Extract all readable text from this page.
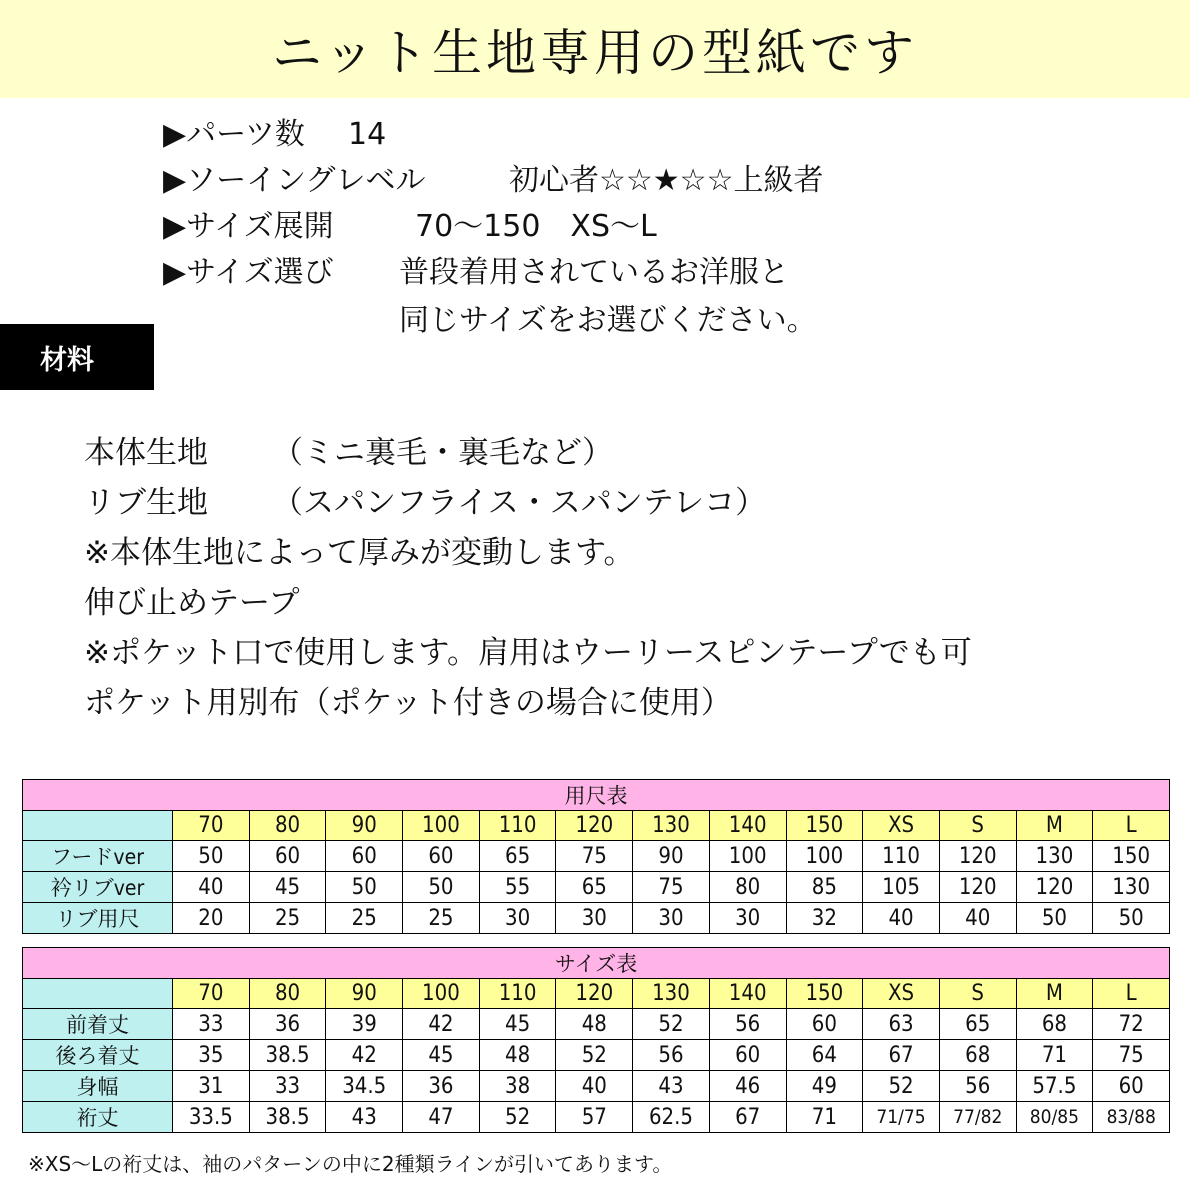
ニット生地専用の型紙です
▶パーツ数 14
▶ソーイングレベル	初心者☆☆★☆☆上級者
▶サイズ展開	70～150　XS～L
▶サイズ選び 普段着用されているお洋服と
同じサイズをお選びください。
材料
本体生地 （ミニ裏毛・裏毛など）
リブ生地 （スパンフライス・スパンテレコ）
※本体生地によって厚みが変動します。
伸び止めテープ
※ポケット口で使用します。肩用はウーリースピンテープでも可
ポケット用別布（ポケット付きの場合に使用）
用尺表													
	70	80	90	100	110	120	130	140	150	XS	S	M	L
フードver	50	60	60	60	65	75	90	100	100	110	120	130	150
衿リブver	40	45	50	50	55	65	75	80	85	105	120	120	130
リブ用尺	20	25	25	25	30	30	30	30	32	40	40	50	50
サイズ表													
	70	80	90	100	110	120	130	140	150	XS	S	M	L
前着丈	33	36	39	42	45	48	52	56	60	63	65	68	72
後ろ着丈	35	38.5	42	45	48	52	56	60	64	67	68	71	75
身幅	31	33	34.5	36	38	40	43	46	49	52	56	57.5	60
裄丈	33.5	38.5	43	47	52	57	62.5	67	71	71/75	77/82	80/85	83/88
※XS～Lの裄丈は、袖のパターンの中に2種類ラインが引いてあります。
